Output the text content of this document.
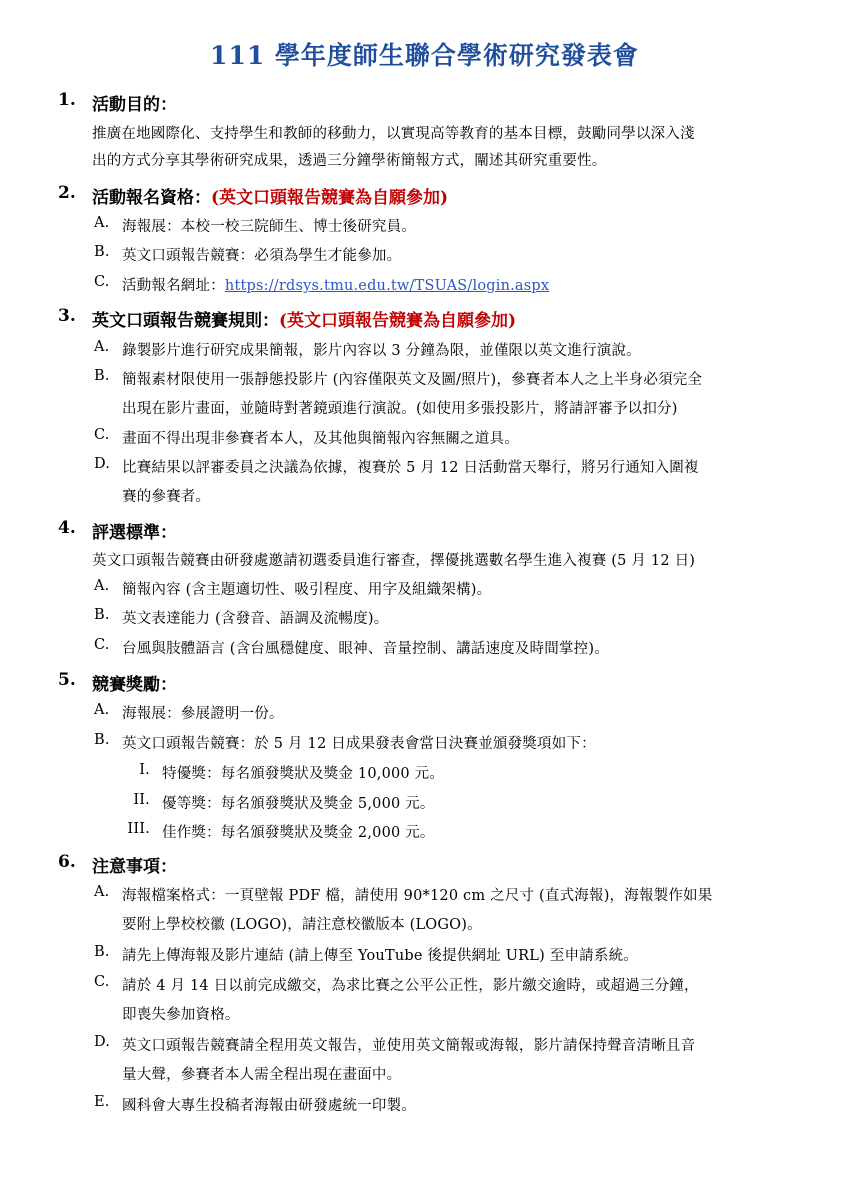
111 學年度師生聯合學術研究發表會
1. 活動目的：
推廣在地國際化、支持學生和教師的移動力，以實現高等教育的基本目標，鼓勵同學以深入淺
出的方式分享其學術研究成果，透過三分鐘學術簡報方式，闡述其研究重要性。
2. 活動報名資格：(英文口頭報告競賽為自願參加)
A. 海報展：本校一校三院師生、博士後研究員。
B. 英文口頭報告競賽：必須為學生才能參加。
C. 活動報名網址：https://rdsys.tmu.edu.tw/TSUAS/login.aspx
3. 英文口頭報告競賽規則：(英文口頭報告競賽為自願參加)
A. 錄製影片進行研究成果簡報，影片內容以 3 分鐘為限，並僅限以英文進行演說。
B. 簡報素材限使用一張靜態投影片 (內容僅限英文及圖/照片)，參賽者本人之上半身必須完全
出現在影片畫面，並隨時對著鏡頭進行演說。(如使用多張投影片，將請評審予以扣分)
C. 畫面不得出現非參賽者本人，及其他與簡報內容無關之道具。
D. 比賽結果以評審委員之決議為依據，複賽於 5 月 12 日活動當天舉行，將另行通知入圍複
賽的參賽者。
4. 評選標準：
英文口頭報告競賽由研發處邀請初選委員進行審查，擇優挑選數名學生進入複賽 (5 月 12 日)
A. 簡報內容 (含主題適切性、吸引程度、用字及組織架構)。
B. 英文表達能力 (含發音、語調及流暢度)。
C. 台風與肢體語言 (含台風穩健度、眼神、音量控制、講話速度及時間掌控)。
5. 競賽獎勵：
A. 海報展：參展證明一份。
B. 英文口頭報告競賽：於 5 月 12 日成果發表會當日決賽並頒發獎項如下：
I. 特優獎：每名頒發獎狀及獎金 10,000 元。
II. 優等獎：每名頒發獎狀及獎金 5,000 元。
III. 佳作獎：每名頒發獎狀及獎金 2,000 元。
6. 注意事項：
A. 海報檔案格式：一頁壁報 PDF 檔，請使用 90*120 cm 之尺寸 (直式海報)，海報製作如果
要附上學校校徽 (LOGO)，請注意校徽版本 (LOGO)。
B. 請先上傳海報及影片連結 (請上傳至 YouTube 後提供網址 URL) 至申請系統。
C. 請於 4 月 14 日以前完成繳交，為求比賽之公平公正性，影片繳交逾時，或超過三分鐘，
即喪失參加資格。
D. 英文口頭報告競賽請全程用英文報告，並使用英文簡報或海報，影片請保持聲音清晰且音
量大聲，參賽者本人需全程出現在畫面中。
E. 國科會大專生投稿者海報由研發處統一印製。
